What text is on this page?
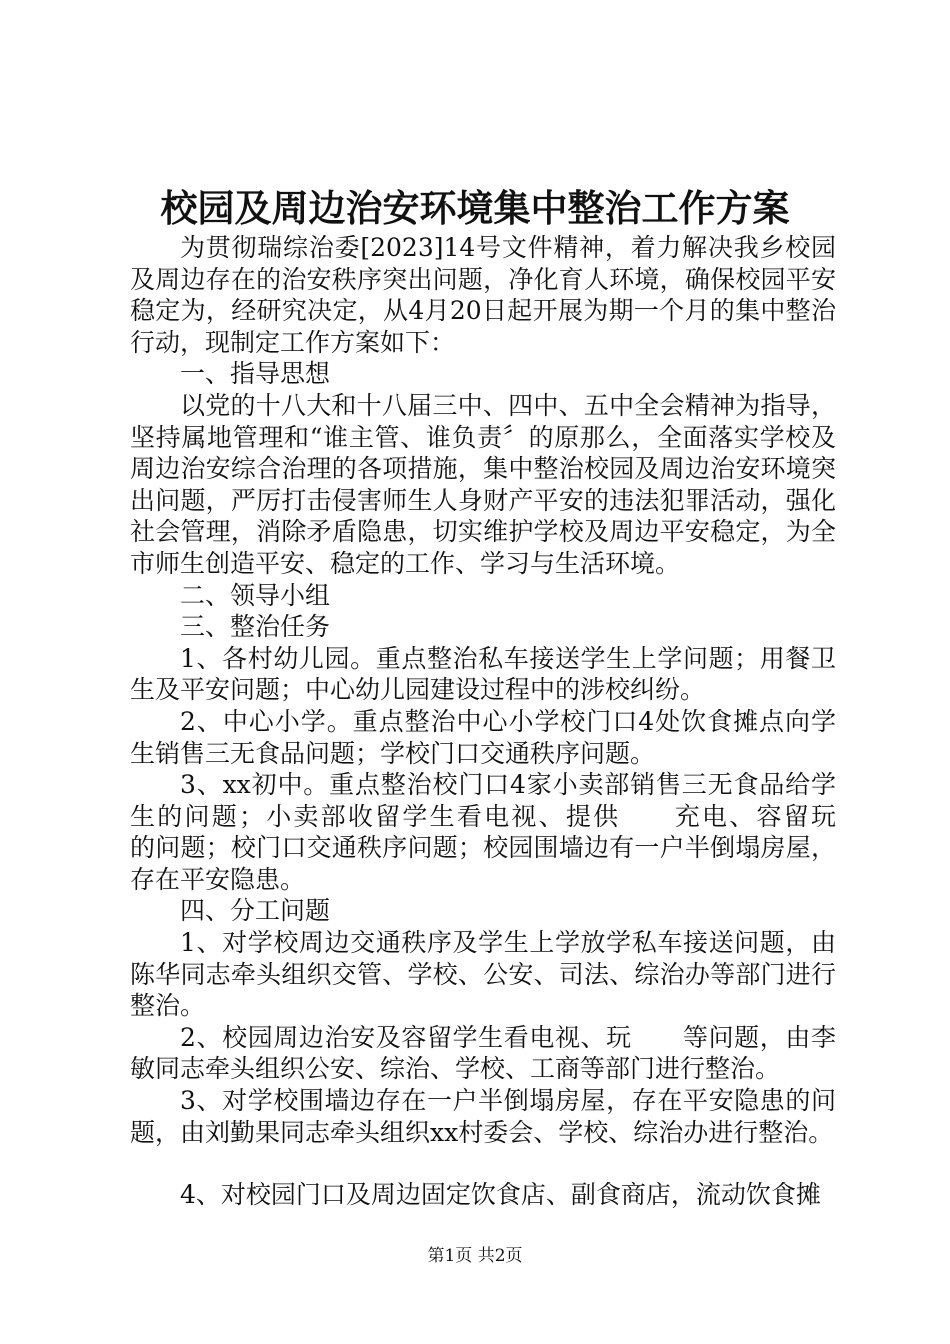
校园及周边治安环境集中整治工作方案

为贯彻瑞综治委[2023]14号文件精神，着力解决我乡校园及周边存在的治安秩序突出问题，净化育人环境，确保校园平安稳定为，经研究决定，从4月20日起开展为期一个月的集中整治行动，现制定工作方案如下：

一、指导思想

以党的十八大和十八届三中、四中、五中全会精神为指导，坚持属地管理和“谁主管、谁负责〞的原那么，全面落实学校及周边治安综合治理的各项措施，集中整治校园及周边治安环境突出问题，严厉打击侵害师生人身财产平安的违法犯罪活动，强化社会管理，消除矛盾隐患，切实维护学校及周边平安稳定，为全市师生创造平安、稳定的工作、学习与生活环境。

二、领导小组

三、整治任务

1、各村幼儿园。重点整治私车接送学生上学问题；用餐卫生及平安问题；中心幼儿园建设过程中的涉校纠纷。

2、中心小学。重点整治中心小学校门口4处饮食摊点向学生销售三无食品问题；学校门口交通秩序问题。

3、xx初中。重点整治校门口4家小卖部销售三无食品给学生的问题；小卖部收留学生看电视、提供　　充电、容留玩　　的问题；校门口交通秩序问题；校园围墙边有一户半倒塌房屋，存在平安隐患。

四、分工问题

1、对学校周边交通秩序及学生上学放学私车接送问题，由陈华同志牵头组织交管、学校、公安、司法、综治办等部门进行整治。

2、校园周边治安及容留学生看电视、玩　　等问题，由李敏同志牵头组织公安、综治、学校、工商等部门进行整治。

3、对学校围墙边存在一户半倒塌房屋，存在平安隐患的问题，由刘勤果同志牵头组织xx村委会、学校、综治办进行整治。

4、对校园门口及周边固定饮食店、副食商店，流动饮食摊

第1页 共2页
